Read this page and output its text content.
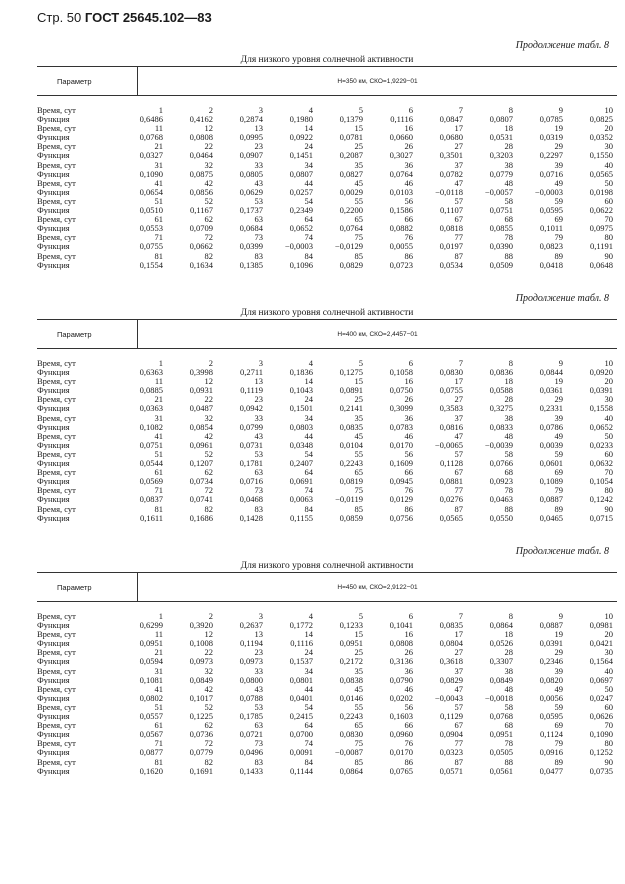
Стр. 50 ГОСТ 25645.102—83
Продолжение табл. 8
Для низкого уровня солнечной активности
Параметр	H=350 км, СКО=1,9229−01
Время, сут	1	2	3	4	5	6	7	8	9	10
Функция	0,6486	0,4162	0,2874	0,1980	0,1379	0,1116	0,0847	0,0807	0,0785	0,0825
Время, сут	11	12	13	14	15	16	17	18	19	20
Функция	0,0768	0,0808	0,0995	0,0922	0,0781	0,0660	0,0680	0,0531	0,0319	0,0352
Время, сут	21	22	23	24	25	26	27	28	29	30
Функция	0,0327	0,0464	0,0907	0,1451	0,2087	0,3027	0,3501	0,3203	0,2297	0,1550
Время, сут	31	32	33	34	35	36	37	38	39	40
Функция	0,1090	0,0875	0,0805	0,0807	0,0827	0,0764	0,0782	0,0779	0,0716	0,0565
Время, сут	41	42	43	44	45	46	47	48	49	50
Функция	0,0654	0,0856	0,0629	0,0257	0,0029	0,0103	−0,0118	−0,0057	−0,0003	0,0198
Время, сут	51	52	53	54	55	56	57	58	59	60
Функция	0,0510	0,1167	0,1737	0,2349	0,2200	0,1586	0,1107	0,0751	0,0595	0,0622
Время, сут	61	62	63	64	65	66	67	68	69	70
Функция	0,0553	0,0709	0,0684	0,0652	0,0764	0,0882	0,0818	0,0855	0,1011	0,0975
Время, сут	71	72	73	74	75	76	77	78	79	80
Функция	0,0755	0,0662	0,0399	−0,0003	−0,0129	0,0055	0,0197	0,0390	0,0823	0,1191
Время, сут	81	82	83	84	85	86	87	88	89	90
Функция	0,1554	0,1634	0,1385	0,1096	0,0829	0,0723	0,0534	0,0509	0,0418	0,0648
Продолжение табл. 8
Для низкого уровня солнечной активности
Параметр	H=400 км, СКО=2,4457−01
Время, сут	1	2	3	4	5	6	7	8	9	10
Функция	0,6363	0,3998	0,2711	0,1836	0,1275	0,1058	0,0830	0,0836	0,0844	0,0920
Время, сут	11	12	13	14	15	16	17	18	19	20
Функция	0,0885	0,0931	0,1119	0,1043	0,0891	0,0750	0,0755	0,0588	0,0361	0,0391
Время, сут	21	22	23	24	25	26	27	28	29	30
Функция	0,0363	0,0487	0,0942	0,1501	0,2141	0,3099	0,3583	0,3275	0,2331	0,1558
Время, сут	31	32	33	34	35	36	37	38	39	40
Функция	0,1082	0,0854	0,0799	0,0803	0,0835	0,0783	0,0816	0,0833	0,0786	0,0652
Время, сут	41	42	43	44	45	46	47	48	49	50
Функция	0,0751	0,0961	0,0731	0,0348	0,0104	0,0170	−0,0065	−0,0039	0,0039	0,0233
Время, сут	51	52	53	54	55	56	57	58	59	60
Функция	0,0544	0,1207	0,1781	0,2407	0,2243	0,1609	0,1128	0,0766	0,0601	0,0632
Время, сут	61	62	63	64	65	66	67	68	69	70
Функция	0,0569	0,0734	0,0716	0,0691	0,0819	0,0945	0,0881	0,0923	0,1089	0,1054
Время, сут	71	72	73	74	75	76	77	78	79	80
Функция	0,0837	0,0741	0,0468	0,0063	−0,0119	0,0129	0,0276	0,0463	0,0887	0,1242
Время, сут	81	82	83	84	85	86	87	88	89	90
Функция	0,1611	0,1686	0,1428	0,1155	0,0859	0,0756	0,0565	0,0550	0,0465	0,0715
Продолжение табл. 8
Для низкого уровня солнечной активности
Параметр	H=450 км, СКО=2,9122−01
Время, сут	1	2	3	4	5	6	7	8	9	10
Функция	0,6299	0,3920	0,2637	0,1772	0,1233	0,1041	0,0835	0,0864	0,0887	0,0981
Время, сут	11	12	13	14	15	16	17	18	19	20
Функция	0,0951	0,1008	0,1194	0,1116	0,0951	0,0808	0,0804	0,0526	0,0391	0,0421
Время, сут	21	22	23	24	25	26	27	28	29	30
Функция	0,0594	0,0973	0,0973	0,1537	0,2172	0,3136	0,3618	0,3307	0,2346	0,1564
Время, сут	31	32	33	34	35	36	37	38	39	40
Функция	0,1081	0,0849	0,0800	0,0801	0,0838	0,0790	0,0829	0,0849	0,0820	0,0697
Время, сут	41	42	43	44	45	46	47	48	49	50
Функция	0,0802	0,1017	0,0788	0,0401	0,0146	0,0202	−0,0043	−0,0018	0,0056	0,0247
Время, сут	51	52	53	54	55	56	57	58	59	60
Функция	0,0557	0,1225	0,1785	0,2415	0,2243	0,1603	0,1129	0,0768	0,0595	0,0626
Время, сут	61	62	63	64	65	66	67	68	69	70
Функция	0,0567	0,0736	0,0721	0,0700	0,0830	0,0960	0,0904	0,0951	0,1124	0,1090
Время, сут	71	72	73	74	75	76	77	78	79	80
Функция	0,0877	0,0779	0,0496	0,0091	−0,0087	0,0170	0,0323	0,0505	0,0916	0,1252
Время, сут	81	82	83	84	85	86	87	88	89	90
Функция	0,1620	0,1691	0,1433	0,1144	0,0864	0,0765	0,0571	0,0561	0,0477	0,0735
